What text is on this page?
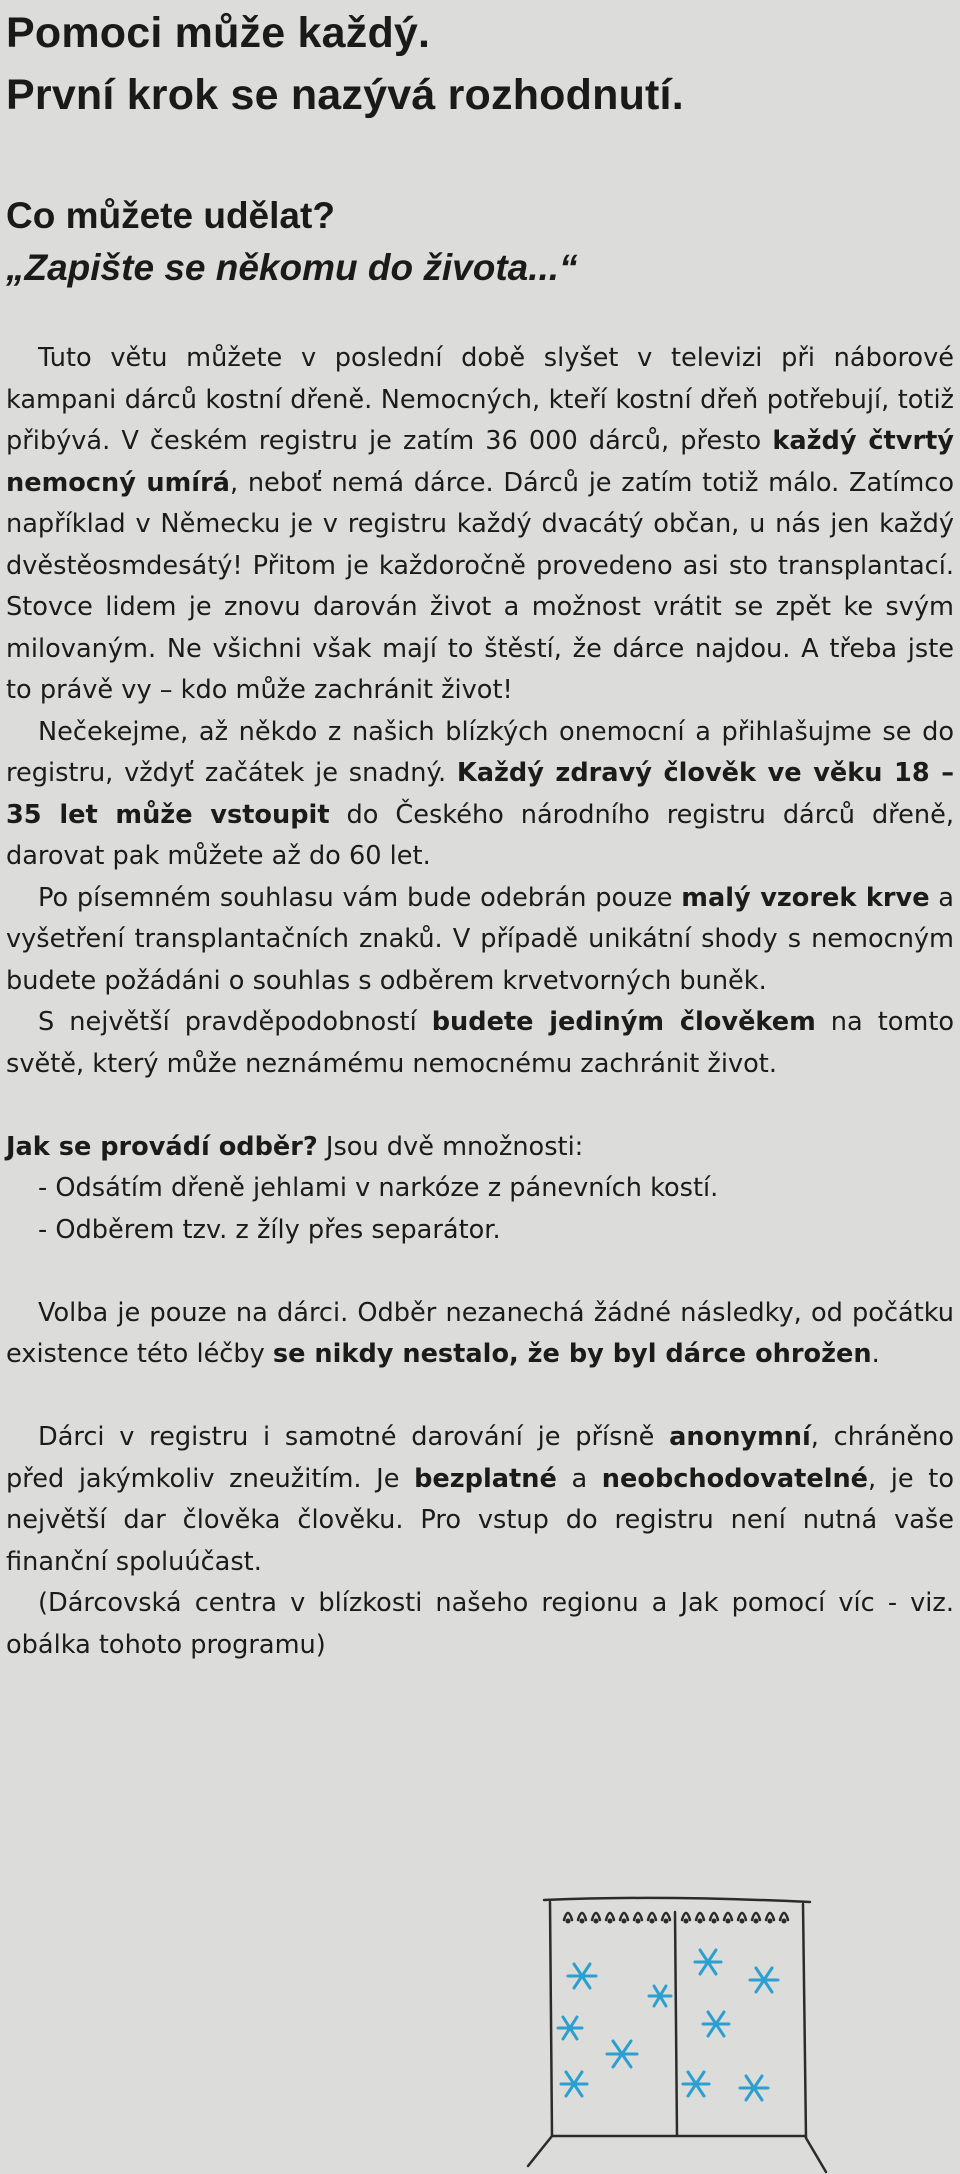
Pomoci může každý.
První krok se nazývá rozhodnutí.
Co můžete udělat?
„Zapište se někomu do života...“

Tuto větu můžete v poslední době slyšet v televizi při náborové kampani dárců kostní dřeně. Nemocných, kteří kostní dřeň potřebují, totiž přibývá. V českém registru je zatím 36 000 dárců, přesto každý čtvrtý nemocný umírá, neboť nemá dárce. Dárců je zatím totiž málo. Zatímco například v Německu je v registru každý dvacátý občan, u nás jen každý dvěstěosmdesátý! Přitom je každoročně provedeno asi sto transplantací. Stovce lidem je znovu darován život a možnost vrátit se zpět ke svým milovaným. Ne všichni však mají to štěstí, že dárce najdou. A třeba jste to právě vy – kdo může zachránit život!

Nečekejme, až někdo z našich blízkých onemocní a přihlašujme se do registru, vždyť začátek je snadný. Každý zdravý člověk ve věku 18 – 35 let může vstoupit do Českého národního registru dárců dřeně, darovat pak můžete až do 60 let.

Po písemném souhlasu vám bude odebrán pouze malý vzorek krve a vyšetření transplantačních znaků. V případě unikátní shody s nemocným budete požádáni o souhlas s odběrem krvetvorných buněk.

S největší pravděpodobností budete jediným člověkem na tomto světě, který může neznámému nemocnému zachránit život.

Jak se provádí odběr? Jsou dvě množnosti:

- Odsátím dřeně jehlami v narkóze z pánevních kostí.
- Odběrem tzv. z žíly přes separátor.

Volba je pouze na dárci. Odběr nezanechá žádné následky, od počátku existence této léčby se nikdy nestalo, že by byl dárce ohrožen.

Dárci v registru i samotné darování je přísně anonymní, chráněno před jakýmkoliv zneužitím. Je bezplatné a neobchodovatelné, je to největší dar člověka člověku. Pro vstup do registru není nutná vaše finanční spoluúčast.

(Dárcovská centra v blízkosti našeho regionu a Jak pomocí víc - viz. obálka tohoto programu)
